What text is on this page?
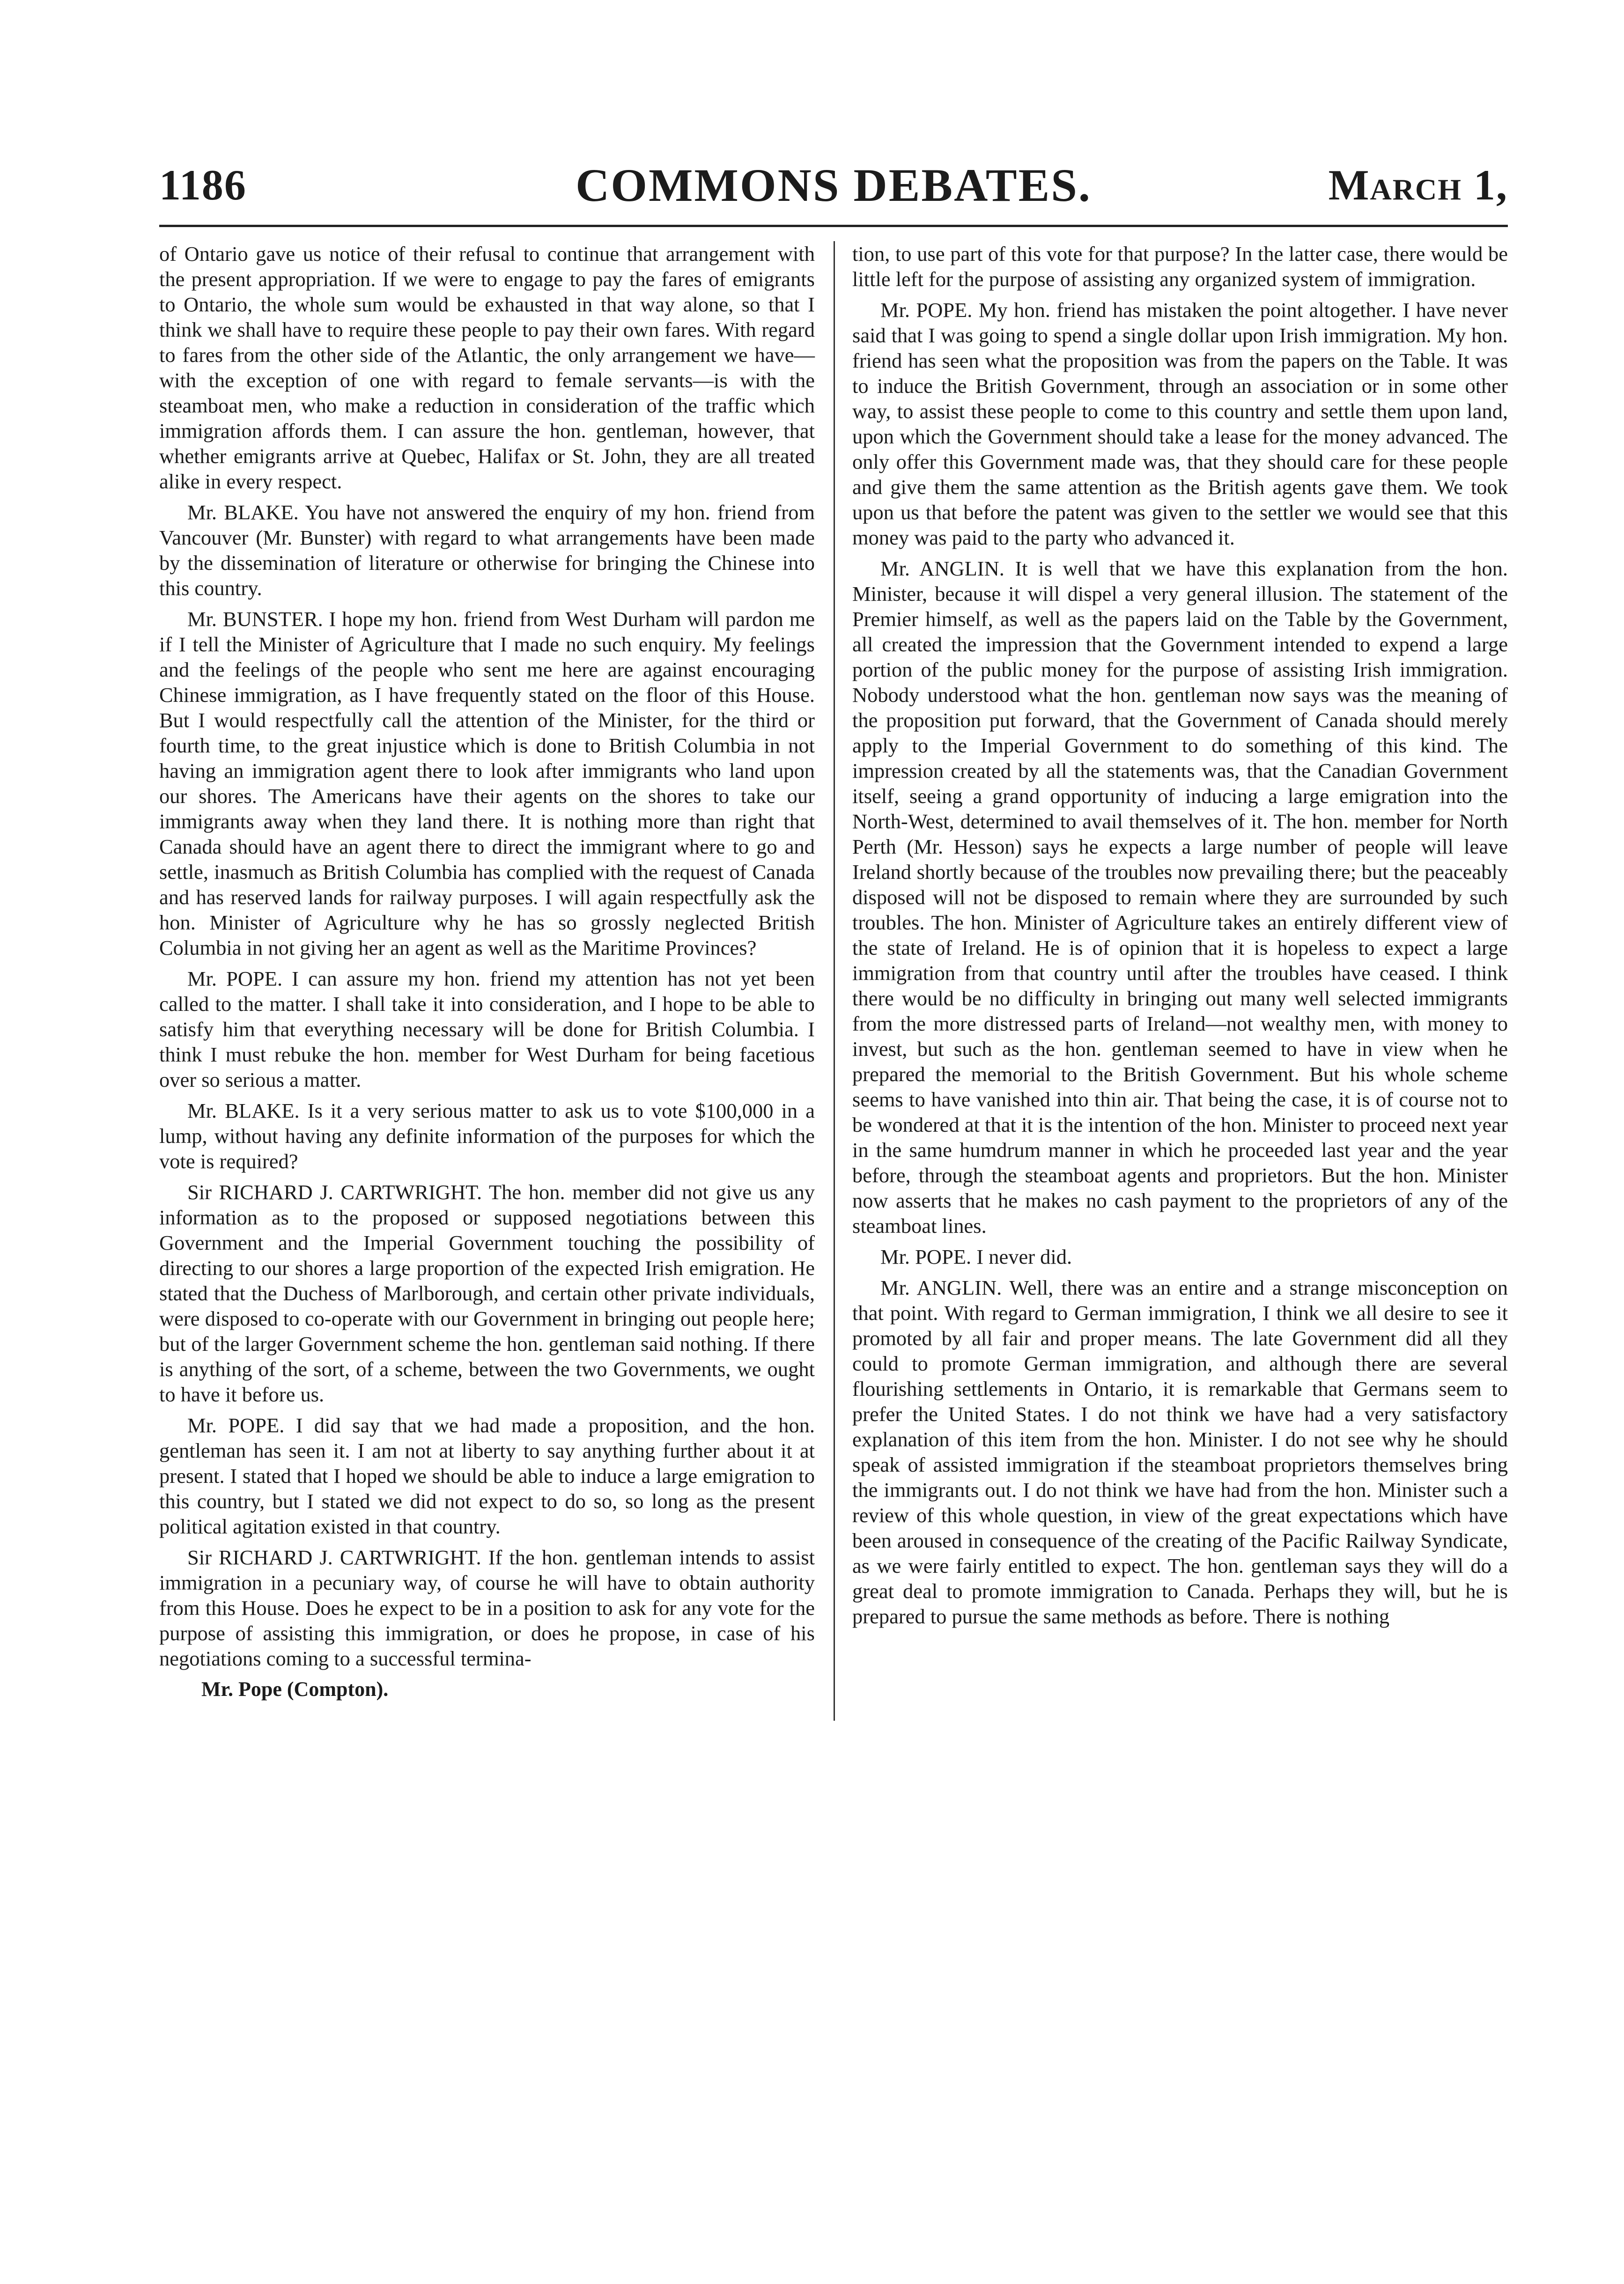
1186	COMMONS DEBATES.	March 1,

of Ontario gave us notice of their refusal to continue that arrangement with the present appropriation. If we were to engage to pay the fares of emigrants to Ontario, the whole sum would be exhausted in that way alone, so that I think we shall have to require these people to pay their own fares. With regard to fares from the other side of the Atlantic, the only arrangement we have—with the exception of one with regard to female servants—is with the steamboat men, who make a reduction in consideration of the traffic which immigration affords them. I can assure the hon. gentleman, however, that whether emigrants arrive at Quebec, Halifax or St. John, they are all treated alike in every respect.

Mr. BLAKE. You have not answered the enquiry of my hon. friend from Vancouver (Mr. Bunster) with regard to what arrangements have been made by the dissemination of literature or otherwise for bringing the Chinese into this country.

Mr. BUNSTER. I hope my hon. friend from West Durham will pardon me if I tell the Minister of Agriculture that I made no such enquiry. My feelings and the feelings of the people who sent me here are against encouraging Chinese immigration, as I have frequently stated on the floor of this House. But I would respectfully call the attention of the Minister, for the third or fourth time, to the great injustice which is done to British Columbia in not having an immigration agent there to look after immigrants who land upon our shores. The Americans have their agents on the shores to take our immigrants away when they land there. It is nothing more than right that Canada should have an agent there to direct the immigrant where to go and settle, inasmuch as British Columbia has complied with the request of Canada and has reserved lands for railway purposes. I will again respectfully ask the hon. Minister of Agriculture why he has so grossly neglected British Columbia in not giving her an agent as well as the Maritime Provinces?

Mr. POPE. I can assure my hon. friend my attention has not yet been called to the matter. I shall take it into consideration, and I hope to be able to satisfy him that everything necessary will be done for British Columbia. I think I must rebuke the hon. member for West Durham for being facetious over so serious a matter.

Mr. BLAKE. Is it a very serious matter to ask us to vote $100,000 in a lump, without having any definite information of the purposes for which the vote is required?

Sir RICHARD J. CARTWRIGHT. The hon. member did not give us any information as to the proposed or supposed negotiations between this Government and the Imperial Government touching the possibility of directing to our shores a large proportion of the expected Irish emigration. He stated that the Duchess of Marlborough, and certain other private individuals, were disposed to co-operate with our Government in bringing out people here; but of the larger Government scheme the hon. gentleman said nothing. If there is anything of the sort, of a scheme, between the two Governments, we ought to have it before us.

Mr. POPE. I did say that we had made a proposition, and the hon. gentleman has seen it. I am not at liberty to say anything further about it at present. I stated that I hoped we should be able to induce a large emigration to this country, but I stated we did not expect to do so, so long as the present political agitation existed in that country.

Sir RICHARD J. CARTWRIGHT. If the hon. gentleman intends to assist immigration in a pecuniary way, of course he will have to obtain authority from this House. Does he expect to be in a position to ask for any vote for the purpose of assisting this immigration, or does he propose, in case of his negotiations coming to a successful termina-

Mr. Pope (Compton).

tion, to use part of this vote for that purpose? In the latter case, there would be little left for the purpose of assisting any organized system of immigration.

Mr. POPE. My hon. friend has mistaken the point altogether. I have never said that I was going to spend a single dollar upon Irish immigration. My hon. friend has seen what the proposition was from the papers on the Table. It was to induce the British Government, through an association or in some other way, to assist these people to come to this country and settle them upon land, upon which the Government should take a lease for the money advanced. The only offer this Government made was, that they should care for these people and give them the same attention as the British agents gave them. We took upon us that before the patent was given to the settler we would see that this money was paid to the party who advanced it.

Mr. ANGLIN. It is well that we have this explanation from the hon. Minister, because it will dispel a very general illusion. The statement of the Premier himself, as well as the papers laid on the Table by the Government, all created the impression that the Government intended to expend a large portion of the public money for the purpose of assisting Irish immigration. Nobody understood what the hon. gentleman now says was the meaning of the proposition put forward, that the Government of Canada should merely apply to the Imperial Government to do something of this kind. The impression created by all the statements was, that the Canadian Government itself, seeing a grand opportunity of inducing a large emigration into the North-West, determined to avail themselves of it. The hon. member for North Perth (Mr. Hesson) says he expects a large number of people will leave Ireland shortly because of the troubles now prevailing there; but the peaceably disposed will not be disposed to remain where they are surrounded by such troubles. The hon. Minister of Agriculture takes an entirely different view of the state of Ireland. He is of opinion that it is hopeless to expect a large immigration from that country until after the troubles have ceased. I think there would be no difficulty in bringing out many well selected immigrants from the more distressed parts of Ireland—not wealthy men, with money to invest, but such as the hon. gentleman seemed to have in view when he prepared the memorial to the British Government. But his whole scheme seems to have vanished into thin air. That being the case, it is of course not to be wondered at that it is the intention of the hon. Minister to proceed next year in the same humdrum manner in which he proceeded last year and the year before, through the steamboat agents and proprietors. But the hon. Minister now asserts that he makes no cash payment to the proprietors of any of the steamboat lines.

Mr. POPE. I never did.

Mr. ANGLIN. Well, there was an entire and a strange misconception on that point. With regard to German immigration, I think we all desire to see it promoted by all fair and proper means. The late Government did all they could to promote German immigration, and although there are several flourishing settlements in Ontario, it is remarkable that Germans seem to prefer the United States. I do not think we have had a very satisfactory explanation of this item from the hon. Minister. I do not see why he should speak of assisted immigration if the steamboat proprietors themselves bring the immigrants out. I do not think we have had from the hon. Minister such a review of this whole question, in view of the great expectations which have been aroused in consequence of the creating of the Pacific Railway Syndicate, as we were fairly entitled to expect. The hon. gentleman says they will do a great deal to promote immigration to Canada. Perhaps they will, but he is prepared to pursue the same methods as before. There is nothing
